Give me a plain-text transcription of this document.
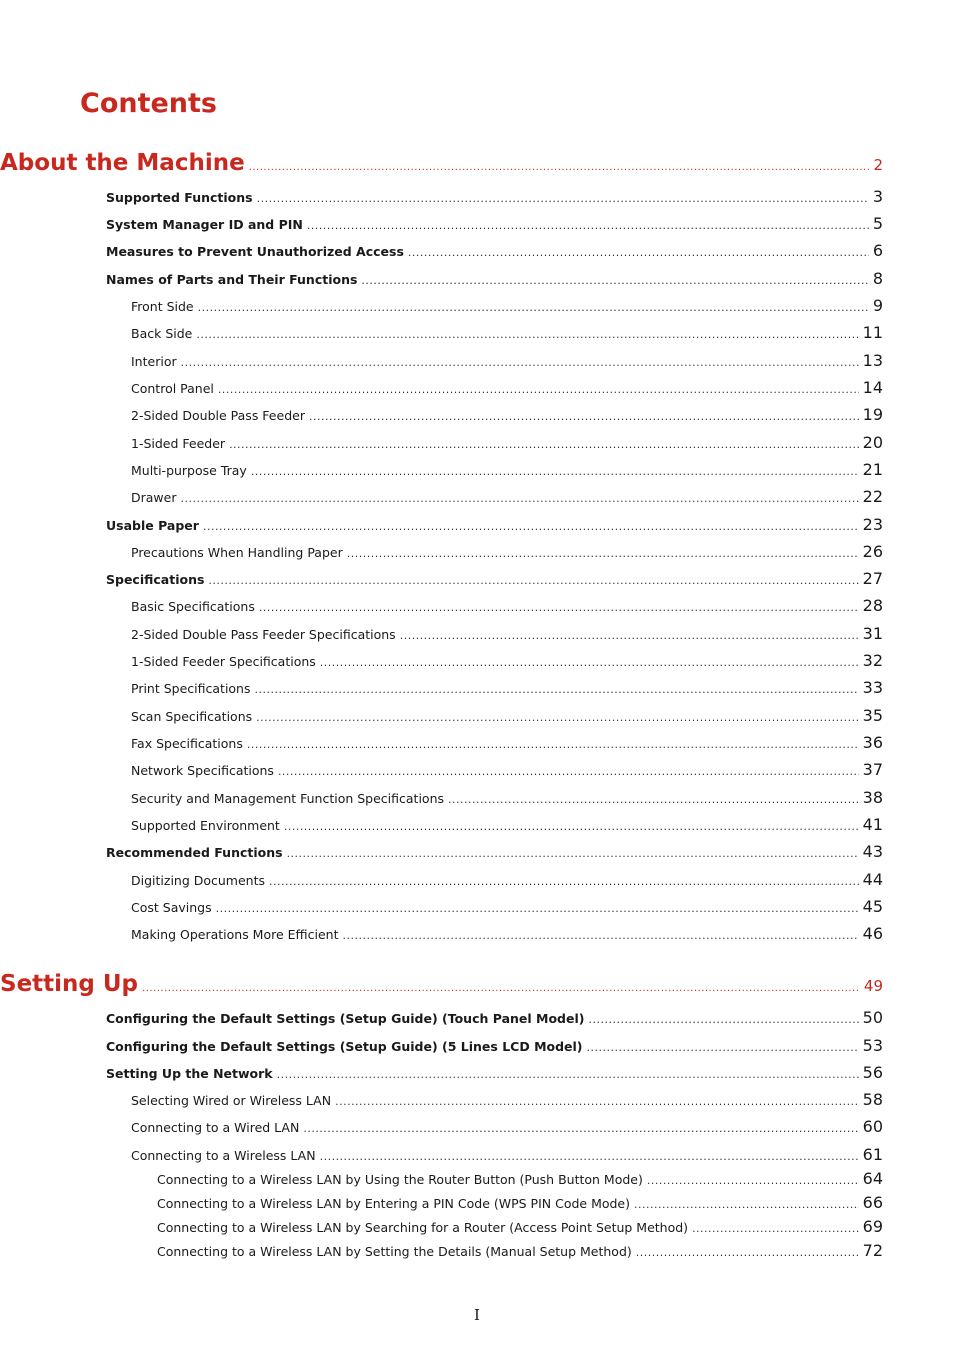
Contents
About the Machine .....	2
Supported Functions .....	3
System Manager ID and PIN .....	5
Measures to Prevent Unauthorized Access .....	6
Names of Parts and Their Functions .....	8
Front Side .....	9
Back Side .....	11
Interior .....	13
Control Panel .....	14
2-Sided Double Pass Feeder .....	19
1-Sided Feeder .....	20
Multi-purpose Tray .....	21
Drawer .....	22
Usable Paper .....	23
Precautions When Handling Paper .....	26
Specifications .....	27
Basic Specifications .....	28
2-Sided Double Pass Feeder Specifications .....	31
1-Sided Feeder Specifications .....	32
Print Specifications .....	33
Scan Specifications .....	35
Fax Specifications .....	36
Network Specifications .....	37
Security and Management Function Specifications .....	38
Supported Environment .....	41
Recommended Functions .....	43
Digitizing Documents .....	44
Cost Savings .....	45
Making Operations More Efficient .....	46
Setting Up .....	49
Configuring the Default Settings (Setup Guide) (Touch Panel Model) .....	50
Configuring the Default Settings (Setup Guide) (5 Lines LCD Model) .....	53
Setting Up the Network .....	56
Selecting Wired or Wireless LAN .....	58
Connecting to a Wired LAN .....	60
Connecting to a Wireless LAN .....	61
Connecting to a Wireless LAN by Using the Router Button (Push Button Mode) .....	64
Connecting to a Wireless LAN by Entering a PIN Code (WPS PIN Code Mode) .....	66
Connecting to a Wireless LAN by Searching for a Router (Access Point Setup Method) .....	69
Connecting to a Wireless LAN by Setting the Details (Manual Setup Method) .....	72
I
